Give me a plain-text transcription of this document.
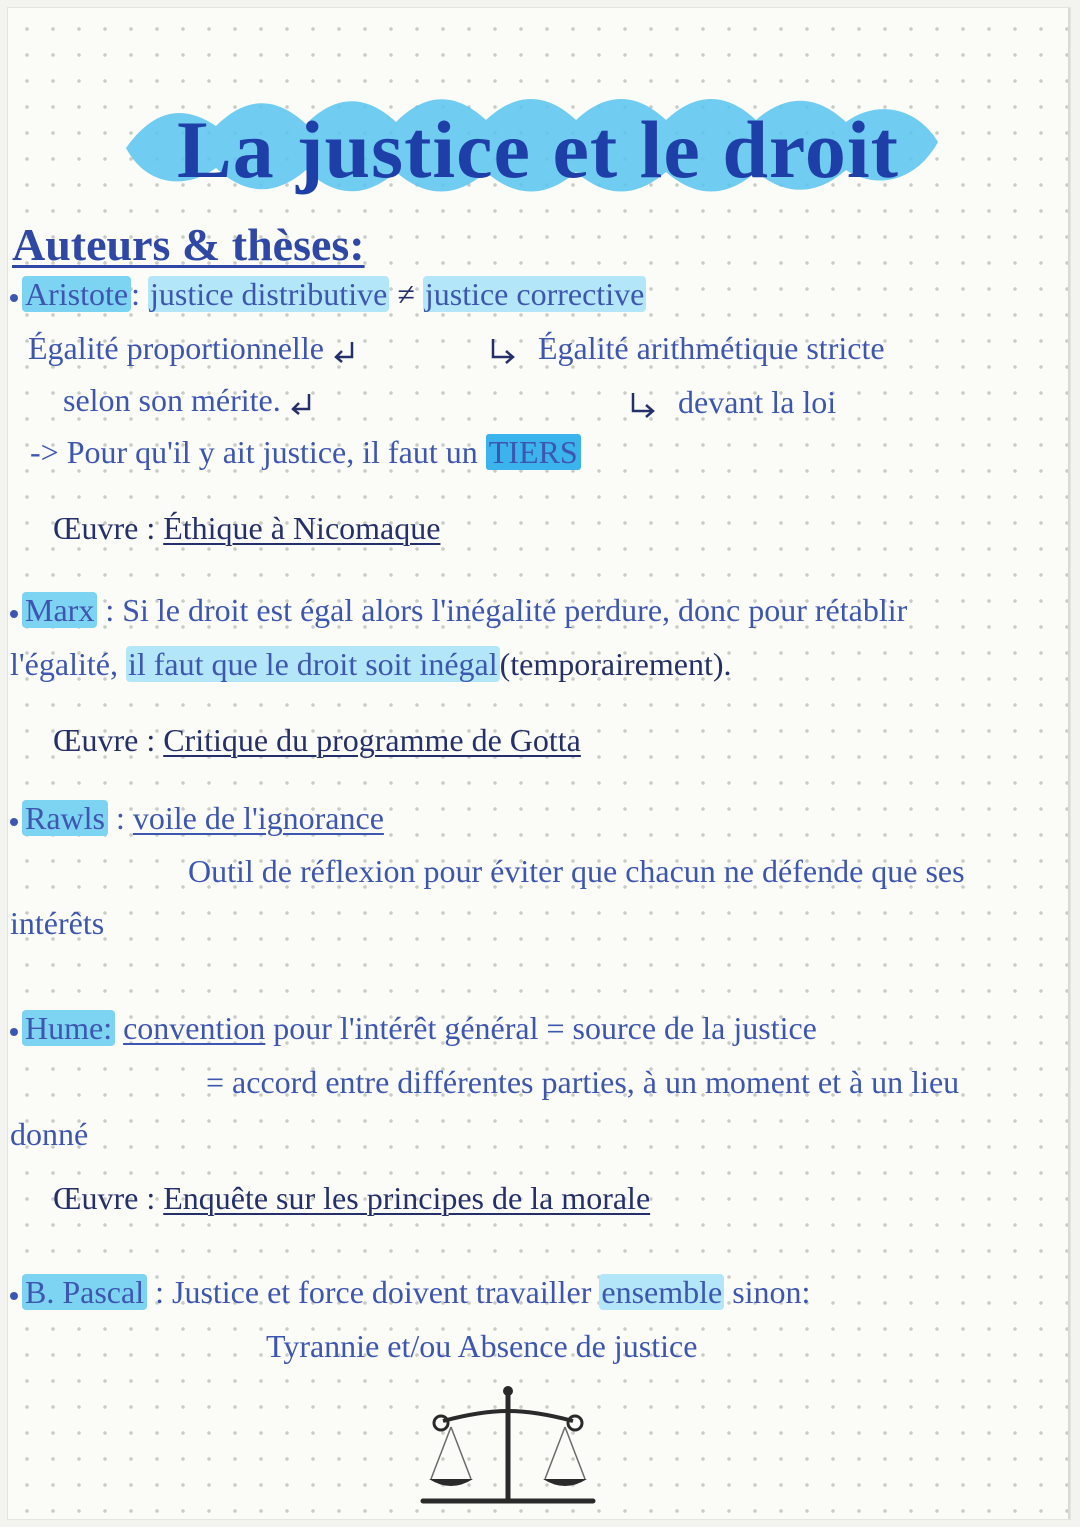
La justice et le droit
Auteurs & thèses:
Aristote: justice distributive ≠ justice corrective
Égalité proportionnelle	Égalité arithmétique stricte
selon son mérite.	devant la loi
-> Pour qu'il y ait justice, il faut un TIERS
Œuvre : Éthique à Nicomaque
Marx : Si le droit est égal alors l'inégalité perdure, donc pour rétablir
l'égalité, il faut que le droit soit inégal(temporairement).
Œuvre : Critique du programme de Gotta
Rawls : voile de l'ignorance
Outil de réflexion pour éviter que chacun ne défende que ses
intérêts
Hume: convention pour l'intérêt général = source de la justice
= accord entre différentes parties, à un moment et à un lieu
donné
Œuvre : Enquête sur les principes de la morale
B. Pascal : Justice et force doivent travailler ensemble sinon:
Tyrannie et/ou Absence de justice
